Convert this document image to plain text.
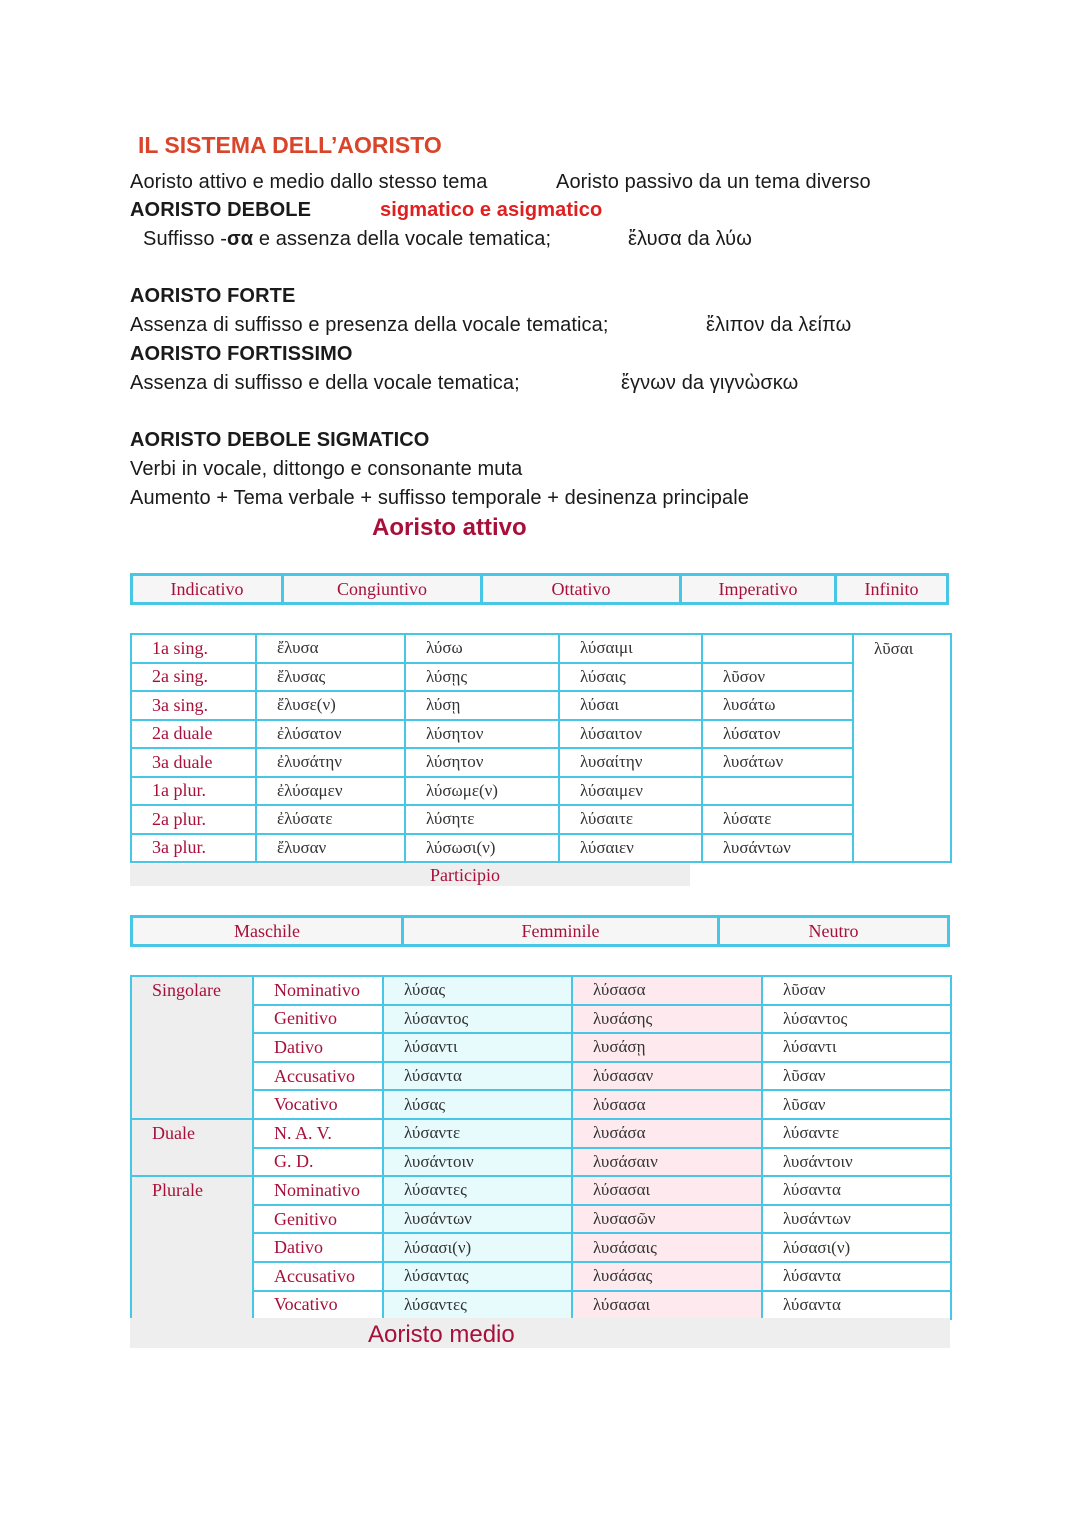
IL SISTEMA DELL’AORISTO
Aoristo attivo e medio dallo stesso tema	Aoristo passivo da un tema diverso
AORISTO DEBOLE	sigmatico e asigmatico
Suffisso -σα e assenza della vocale tematica;	ἔλυσα da λύω
AORISTO FORTE
Assenza di suffisso e presenza della vocale tematica;	ἔλιπον da λείπω
AORISTO FORTISSIMO
Assenza di suffisso e della vocale tematica;	ἔγνων da γιγνὼσκω
AORISTO DEBOLE SIGMATICO
Verbi in vocale, dittongo e consonante muta
Aumento + Tema verbale + suffisso temporale + desinenza principale
Aoristo attivo
Indicativo	Congiuntivo	Ottativo	Imperativo	Infinito
1a sing.	ἔλυσα	λύσω	λύσαιμι		λῦσαι
2a sing.	ἔλυσας	λύσῃς	λύσαις	λῦσον	
3a sing.	ἔλυσε(ν)	λύσῃ	λύσαι	λυσάτω	
2a duale	ἐλύσατον	λύσητον	λύσαιτον	λύσατον	
3a duale	ἐλυσάτην	λύσητον	λυσαίτην	λυσάτων	
1a plur.	ἐλύσαμεν	λύσωμε(ν)	λύσαιμεν		
2a plur.	ἐλύσατε	λύσητε	λύσαιτε	λύσατε	
3a plur.	ἔλυσαν	λύσωσι(ν)	λύσαιεν	λυσάντων	
Participio
Maschile	Femminile	Neutro
Singolare	Nominativo	λύσας	λύσασα	λῦσαν
	Genitivo	λύσαντος	λυσάσης	λύσαντος
	Dativo	λύσαντι	λυσάσῃ	λύσαντι
	Accusativo	λύσαντα	λύσασαν	λῦσαν
	Vocativo	λύσας	λύσασα	λῦσαν
Duale	N. A. V.	λύσαντε	λυσάσα	λύσαντε
	G. D.	λυσάντοιν	λυσάσαιν	λυσάντοιν
Plurale	Nominativo	λύσαντες	λύσασαι	λύσαντα
	Genitivo	λυσάντων	λυσασῶν	λυσάντων
	Dativo	λύσασι(ν)	λυσάσαις	λύσασι(ν)
	Accusativo	λύσαντας	λυσάσας	λύσαντα
	Vocativo	λύσαντες	λύσασαι	λύσαντα
Aoristo medio
